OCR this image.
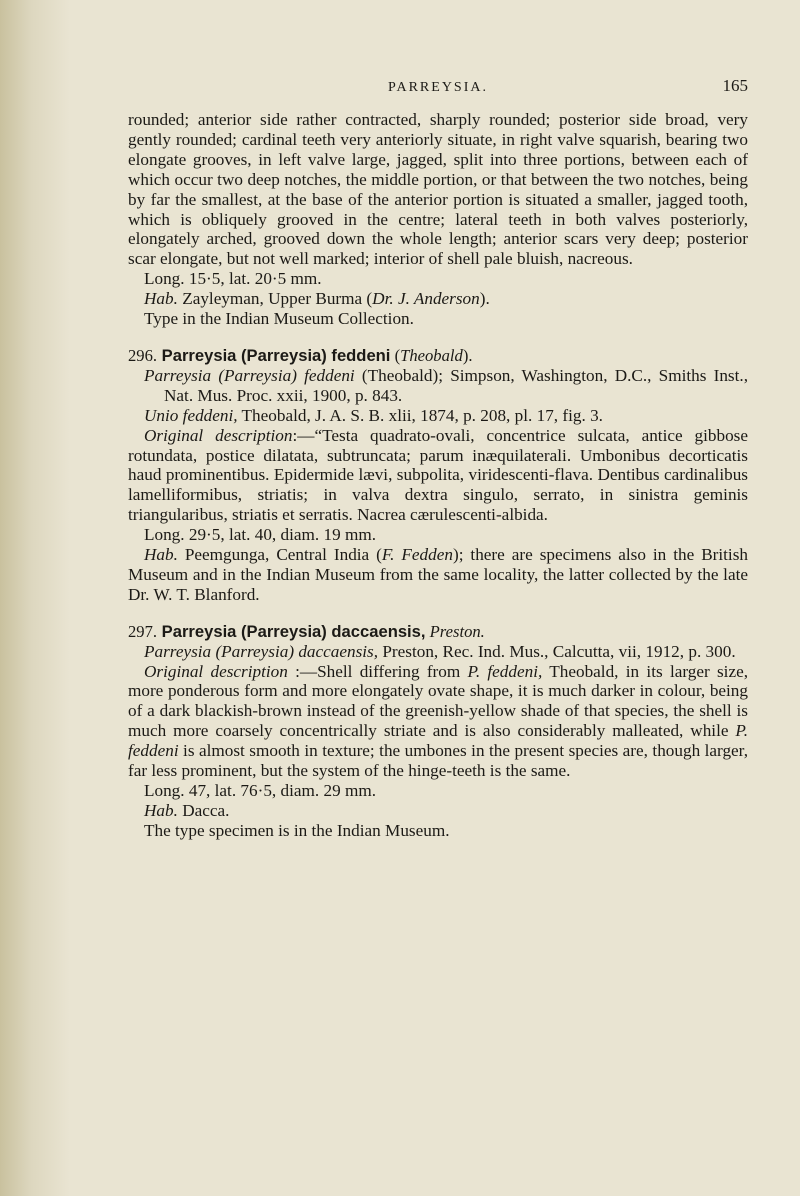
PARREYSIA.	165

rounded; anterior side rather contracted, sharply rounded; posterior side broad, very gently rounded; cardinal teeth very anteriorly situate, in right valve squarish, bearing two elongate grooves, in left valve large, jagged, split into three portions, between each of which occur two deep notches, the middle portion, or that between the two notches, being by far the smallest, at the base of the anterior portion is situated a smaller, jagged tooth, which is obliquely grooved in the centre; lateral teeth in both valves posteriorly, elongately arched, grooved down the whole length; anterior scars very deep; posterior scar elongate, but not well marked; interior of shell pale bluish, nacreous.

Long. 15·5, lat. 20·5 mm.

Hab. Zayleyman, Upper Burma (Dr. J. Anderson).

Type in the Indian Museum Collection.

296. Parreysia (Parreysia) feddeni (Theobald).

Parreysia (Parreysia) feddeni (Theobald); Simpson, Washington, D.C., Smiths Inst., Nat. Mus. Proc. xxii, 1900, p. 843.

Unio feddeni, Theobald, J. A. S. B. xlii, 1874, p. 208, pl. 17, fig. 3.

Original description:—“Testa quadrato-ovali, concentrice sulcata, antice gibbose rotundata, postice dilatata, subtruncata; parum inæquilaterali. Umbonibus decorticatis haud prominentibus. Epidermide lævi, subpolita, viridescenti-flava. Dentibus cardinalibus lamelliformibus, striatis; in valva dextra singulo, serrato, in sinistra geminis triangularibus, striatis et serratis. Nacrea cærulescenti-albida.

Long. 29·5, lat. 40, diam. 19 mm.

Hab. Peemgunga, Central India (F. Fedden); there are specimens also in the British Museum and in the Indian Museum from the same locality, the latter collected by the late Dr. W. T. Blanford.

297. Parreysia (Parreysia) daccaensis, Preston.

Parreysia (Parreysia) daccaensis, Preston, Rec. Ind. Mus., Calcutta, vii, 1912, p. 300.

Original description :—Shell differing from P. feddeni, Theobald, in its larger size, more ponderous form and more elongately ovate shape, it is much darker in colour, being of a dark blackish-brown instead of the greenish-yellow shade of that species, the shell is much more coarsely concentrically striate and is also considerably malleated, while P. feddeni is almost smooth in texture; the umbones in the present species are, though larger, far less prominent, but the system of the hinge-teeth is the same.

Long. 47, lat. 76·5, diam. 29 mm.

Hab. Dacca.

The type specimen is in the Indian Museum.
